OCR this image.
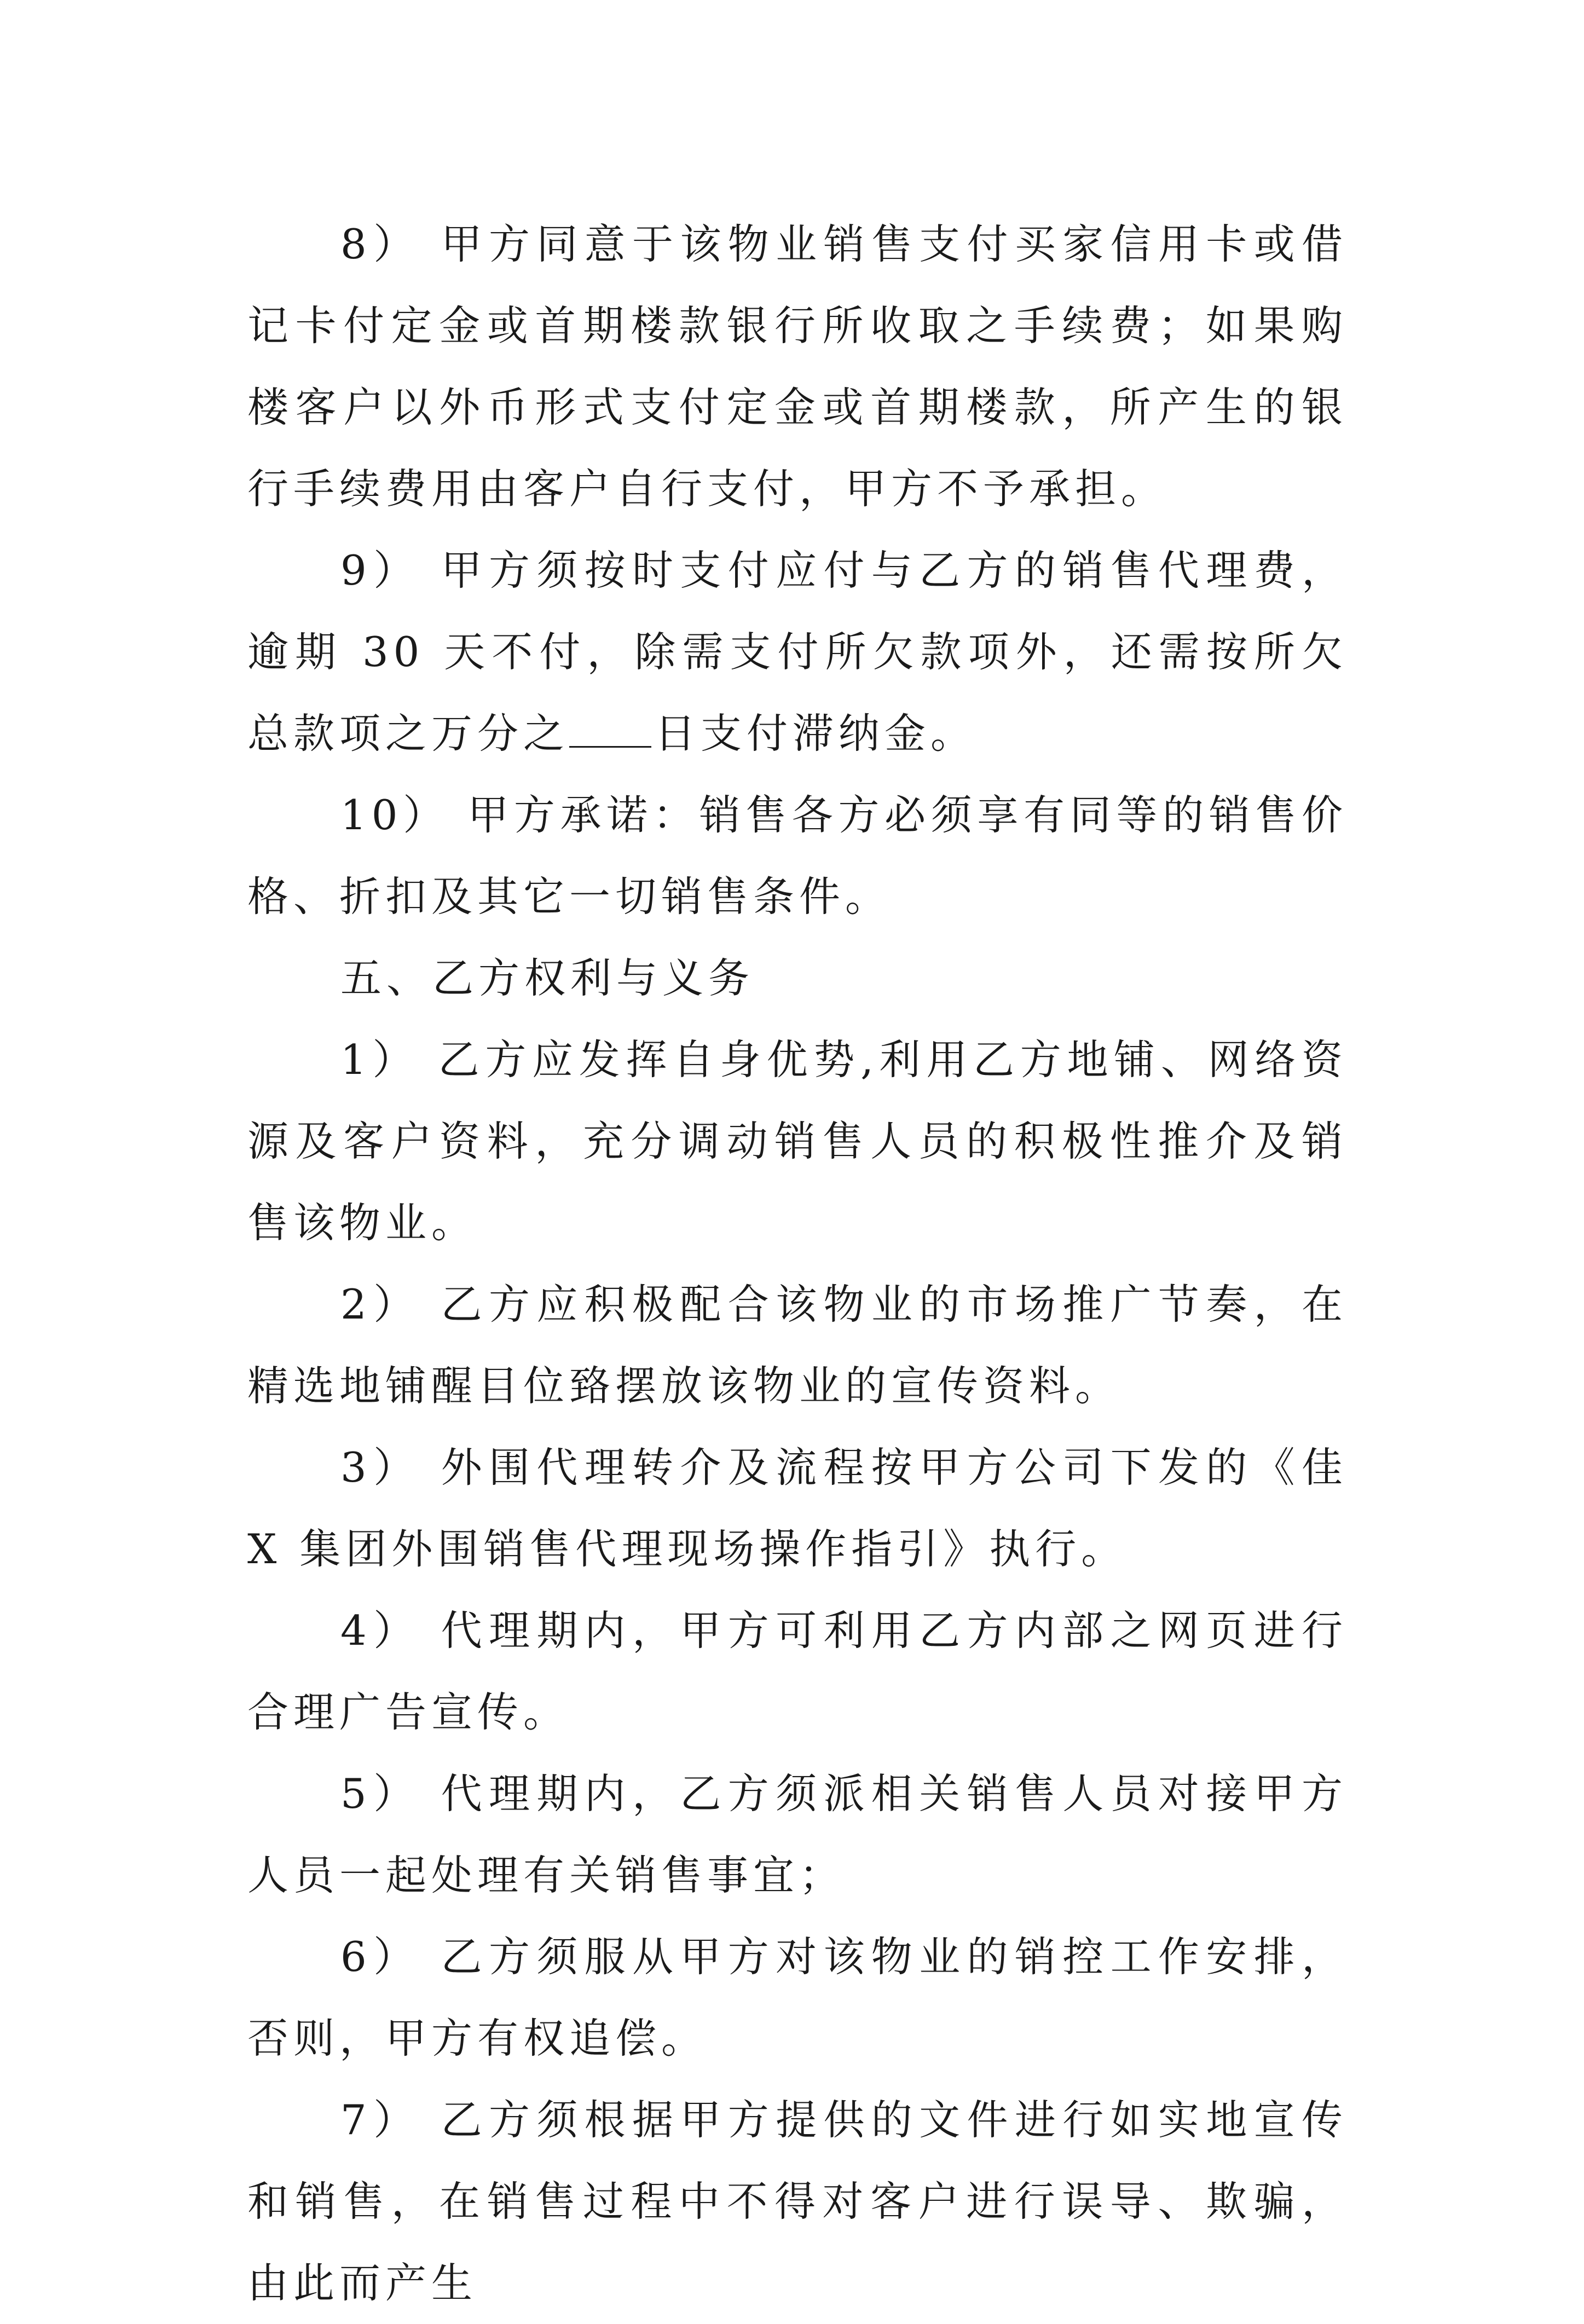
8） 甲方同意于该物业销售支付买家信用卡或借记卡付定金或首期楼款银行所收取之手续费；如果购楼客户以外币形式支付定金或首期楼款，所产生的银行手续费用由客户自行支付，甲方不予承担。

9） 甲方须按时支付应付与乙方的销售代理费，逾期 30 天不付，除需支付所欠款项外，还需按所欠总款项之万分之 日支付滞纳金。

10） 甲方承诺：销售各方必须享有同等的销售价格、折扣及其它一切销售条件。

五、乙方权利与义务

1） 乙方应发挥自身优势,利用乙方地铺、网络资源及客户资料，充分调动销售人员的积极性推介及销售该物业。

2） 乙方应积极配合该物业的市场推广节奏，在精选地铺醒目位臵摆放该物业的宣传资料。

3） 外围代理转介及流程按甲方公司下发的《佳 X 集团外围销售代理现场操作指引》执行。

4） 代理期内，甲方可利用乙方内部之网页进行合理广告宣传。

5） 代理期内，乙方须派相关销售人员对接甲方人员一起处理有关销售事宜；

6） 乙方须服从甲方对该物业的销控工作安排，否则，甲方有权追偿。

7） 乙方须根据甲方提供的文件进行如实地宣传和销售，在销售过程中不得对客户进行误导、欺骗，由此而产生
